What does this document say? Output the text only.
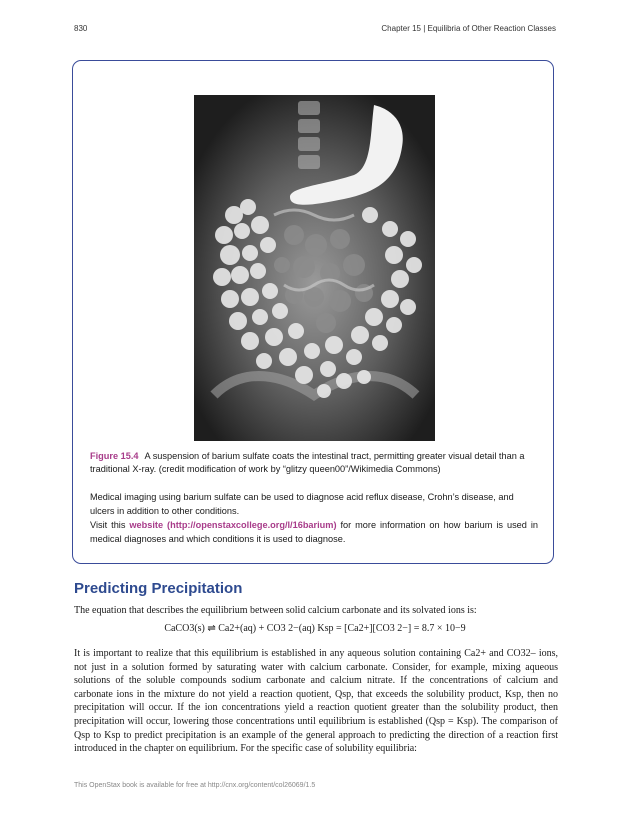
830	Chapter 15 | Equilibria of Other Reaction Classes
Figure 15.4 A suspension of barium sulfate coats the intestinal tract, permitting greater visual detail than a traditional X-ray. (credit modification of work by “glitzy queen00”/Wikimedia Commons)
Medical imaging using barium sulfate can be used to diagnose acid reflux disease, Crohn’s disease, and ulcers in addition to other conditions.
Visit this website (http://openstaxcollege.org/l/16barium) for more information on how barium is used in medical diagnoses and which conditions it is used to diagnose.
Predicting Precipitation
The equation that describes the equilibrium between solid calcium carbonate and its solvated ions is:
CaCO3(s) ⇌ Ca2+(aq) + CO3 2−(aq) Ksp = [Ca2+][CO3 2−] = 8.7 × 10−9
It is important to realize that this equilibrium is established in any aqueous solution containing Ca2+ and CO32– ions, not just in a solution formed by saturating water with calcium carbonate. Consider, for example, mixing aqueous solutions of the soluble compounds sodium carbonate and calcium nitrate. If the concentrations of calcium and carbonate ions in the mixture do not yield a reaction quotient, Qsp, that exceeds the solubility product, Ksp, then no precipitation will occur. If the ion concentrations yield a reaction quotient greater than the solubility product, then precipitation will occur, lowering those concentrations until equilibrium is established (Qsp = Ksp). The comparison of Qsp to Ksp to predict precipitation is an example of the general approach to predicting the direction of a reaction first introduced in the chapter on equilibrium. For the specific case of solubility equilibria:
This OpenStax book is available for free at http://cnx.org/content/col26069/1.5
